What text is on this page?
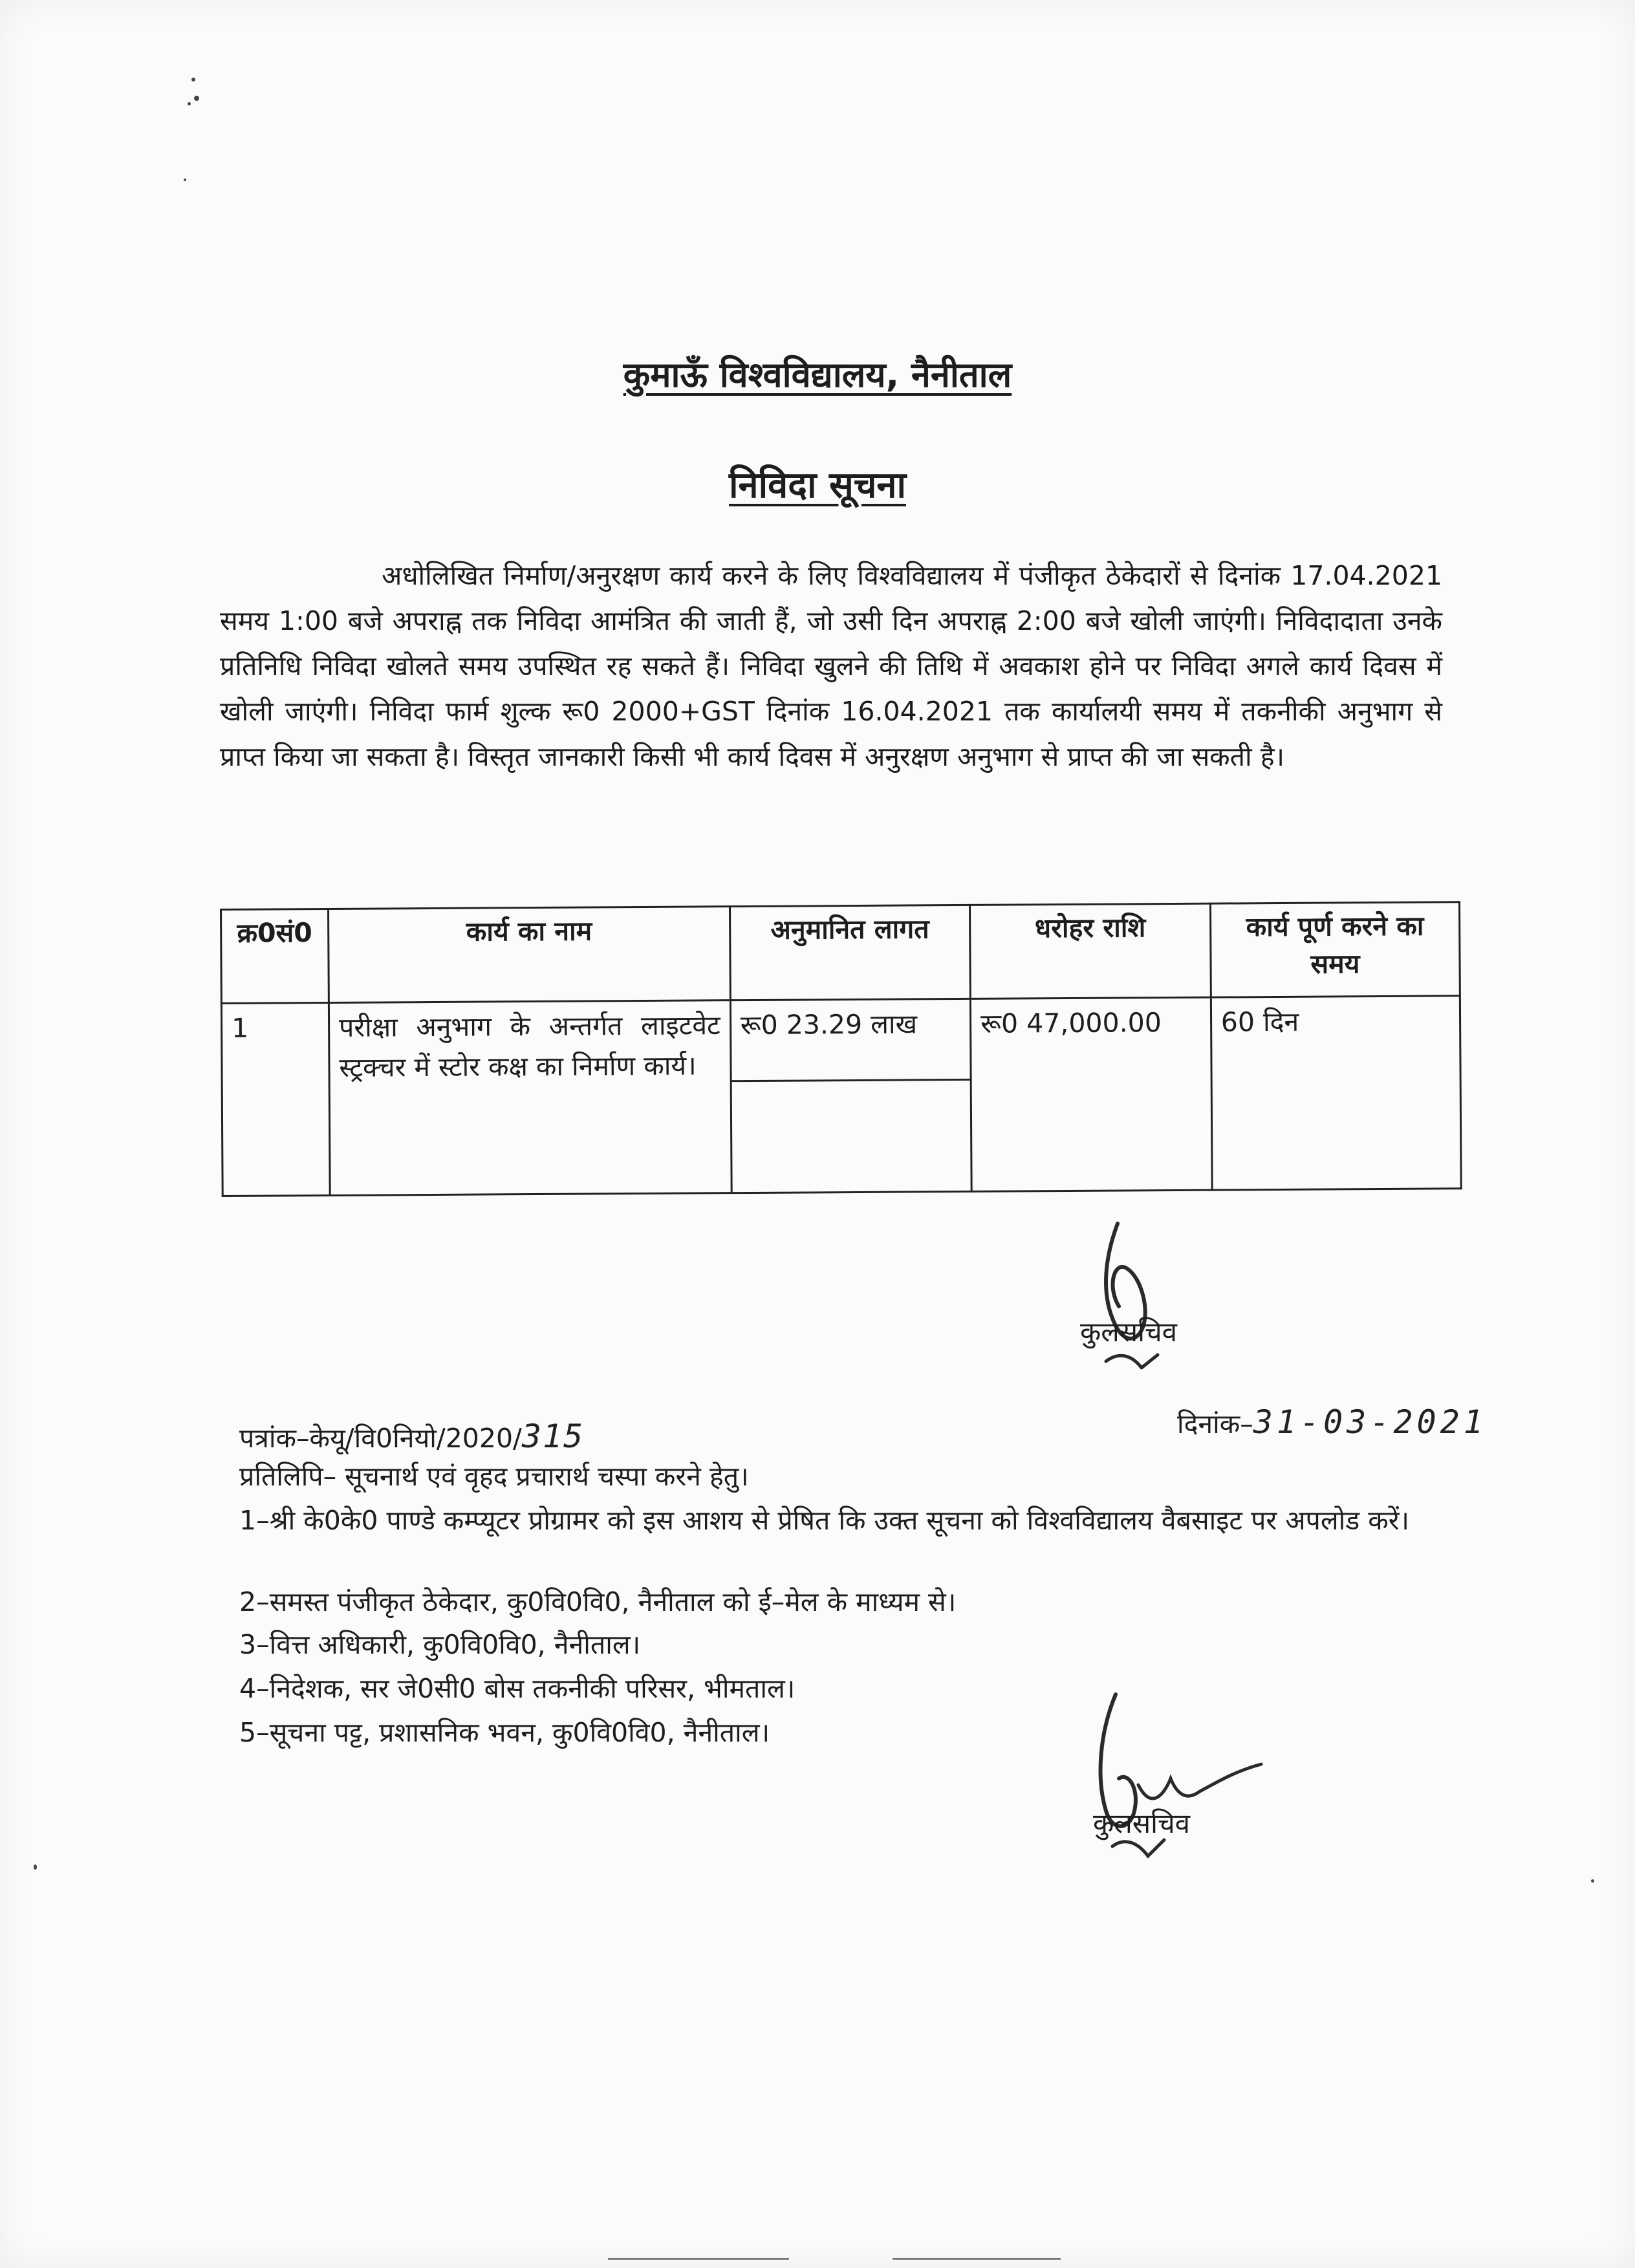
कुमाऊँ विश्वविद्यालय, नैनीताल
निविदा सूचना
अधोलिखित निर्माण/अनुरक्षण कार्य करने के लिए विश्वविद्यालय में पंजीकृत ठेकेदारों से दिनांक 17.04.2021 समय 1:00 बजे अपराह्न तक निविदा आमंत्रित की जाती हैं, जो उसी दिन अपराह्न 2:00 बजे खोली जाएंगी। निविदादाता उनके प्रतिनिधि निविदा खोलते समय उपस्थित रह सकते हैं। निविदा खुलने की तिथि में अवकाश होने पर निविदा अगले कार्य दिवस में खोली जाएंगी। निविदा फार्म शुल्क रू0 2000+GST दिनांक 16.04.2021 तक कार्यालयी समय में तकनीकी अनुभाग से प्राप्त किया जा सकता है। विस्तृत जानकारी किसी भी कार्य दिवस में अनुरक्षण अनुभाग से प्राप्त की जा सकती है।
क्र0सं0	कार्य का नाम	अनुमानित लागत	धरोहर राशि	कार्य पूर्ण करने का समय
1	परीक्षा अनुभाग के अन्तर्गत लाइटवेट स्ट्रक्चर में स्टोर कक्ष का निर्माण कार्य।	रू0 23.29 लाख	रू0 47,000.00	60 दिन
कुलसचिव
पत्रांक–केयू/वि0नियो/2020/315	दिनांक–31-03-2021
प्रतिलिपि– सूचनार्थ एवं वृहद प्रचारार्थ चस्पा करने हेतु।
1–श्री के0के0 पाण्डे कम्प्यूटर प्रोग्रामर को इस आशय से प्रेषित कि उक्त सूचना को विश्वविद्यालय वैबसाइट पर अपलोड करें।
2–समस्त पंजीकृत ठेकेदार, कु0वि0वि0, नैनीताल को ई–मेल के माध्यम से।
3–वित्त अधिकारी, कु0वि0वि0, नैनीताल।
4–निदेशक, सर जे0सी0 बोस तकनीकी परिसर, भीमताल।
5–सूचना पट्ट, प्रशासनिक भवन, कु0वि0वि0, नैनीताल।
कुलसचिव
